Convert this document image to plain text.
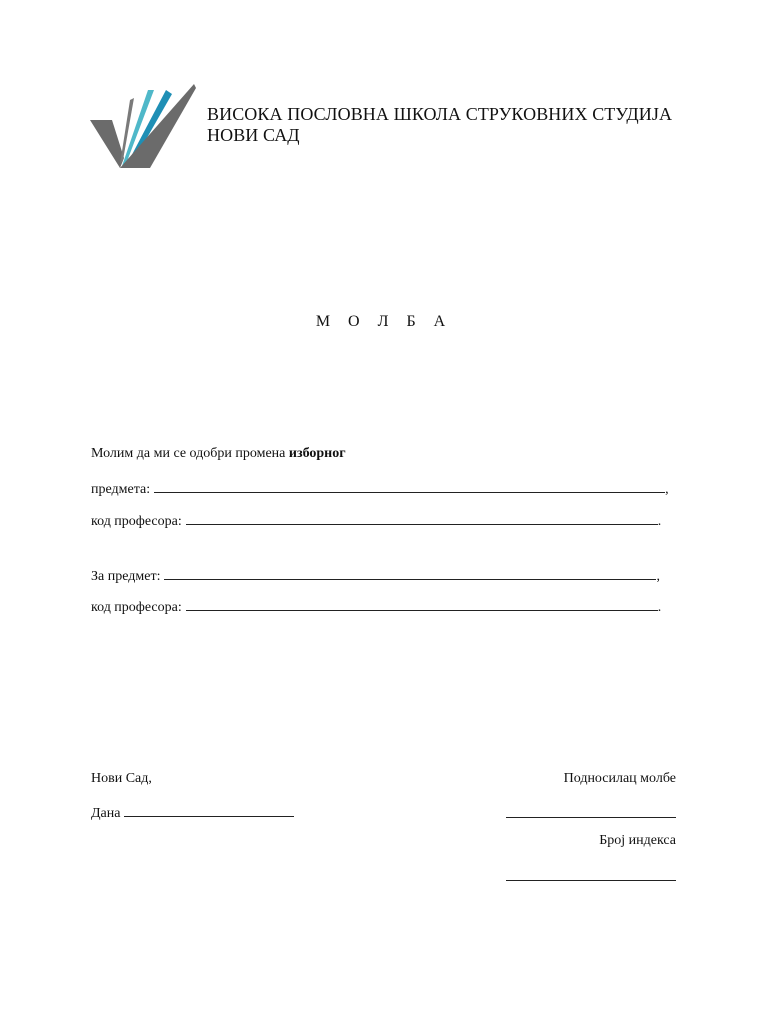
ВИСОКА ПОСЛОВНА ШКОЛА СТРУКОВНИХ СТУДИЈА
НОВИ САД
М О Л Б А
Молим да ми се одобри промена изборног
предмета:	,
код професора:	.
За предмет:	,
код професора:	.
Нови Сад,
Дана
Подносилац молбе
Број индекса
